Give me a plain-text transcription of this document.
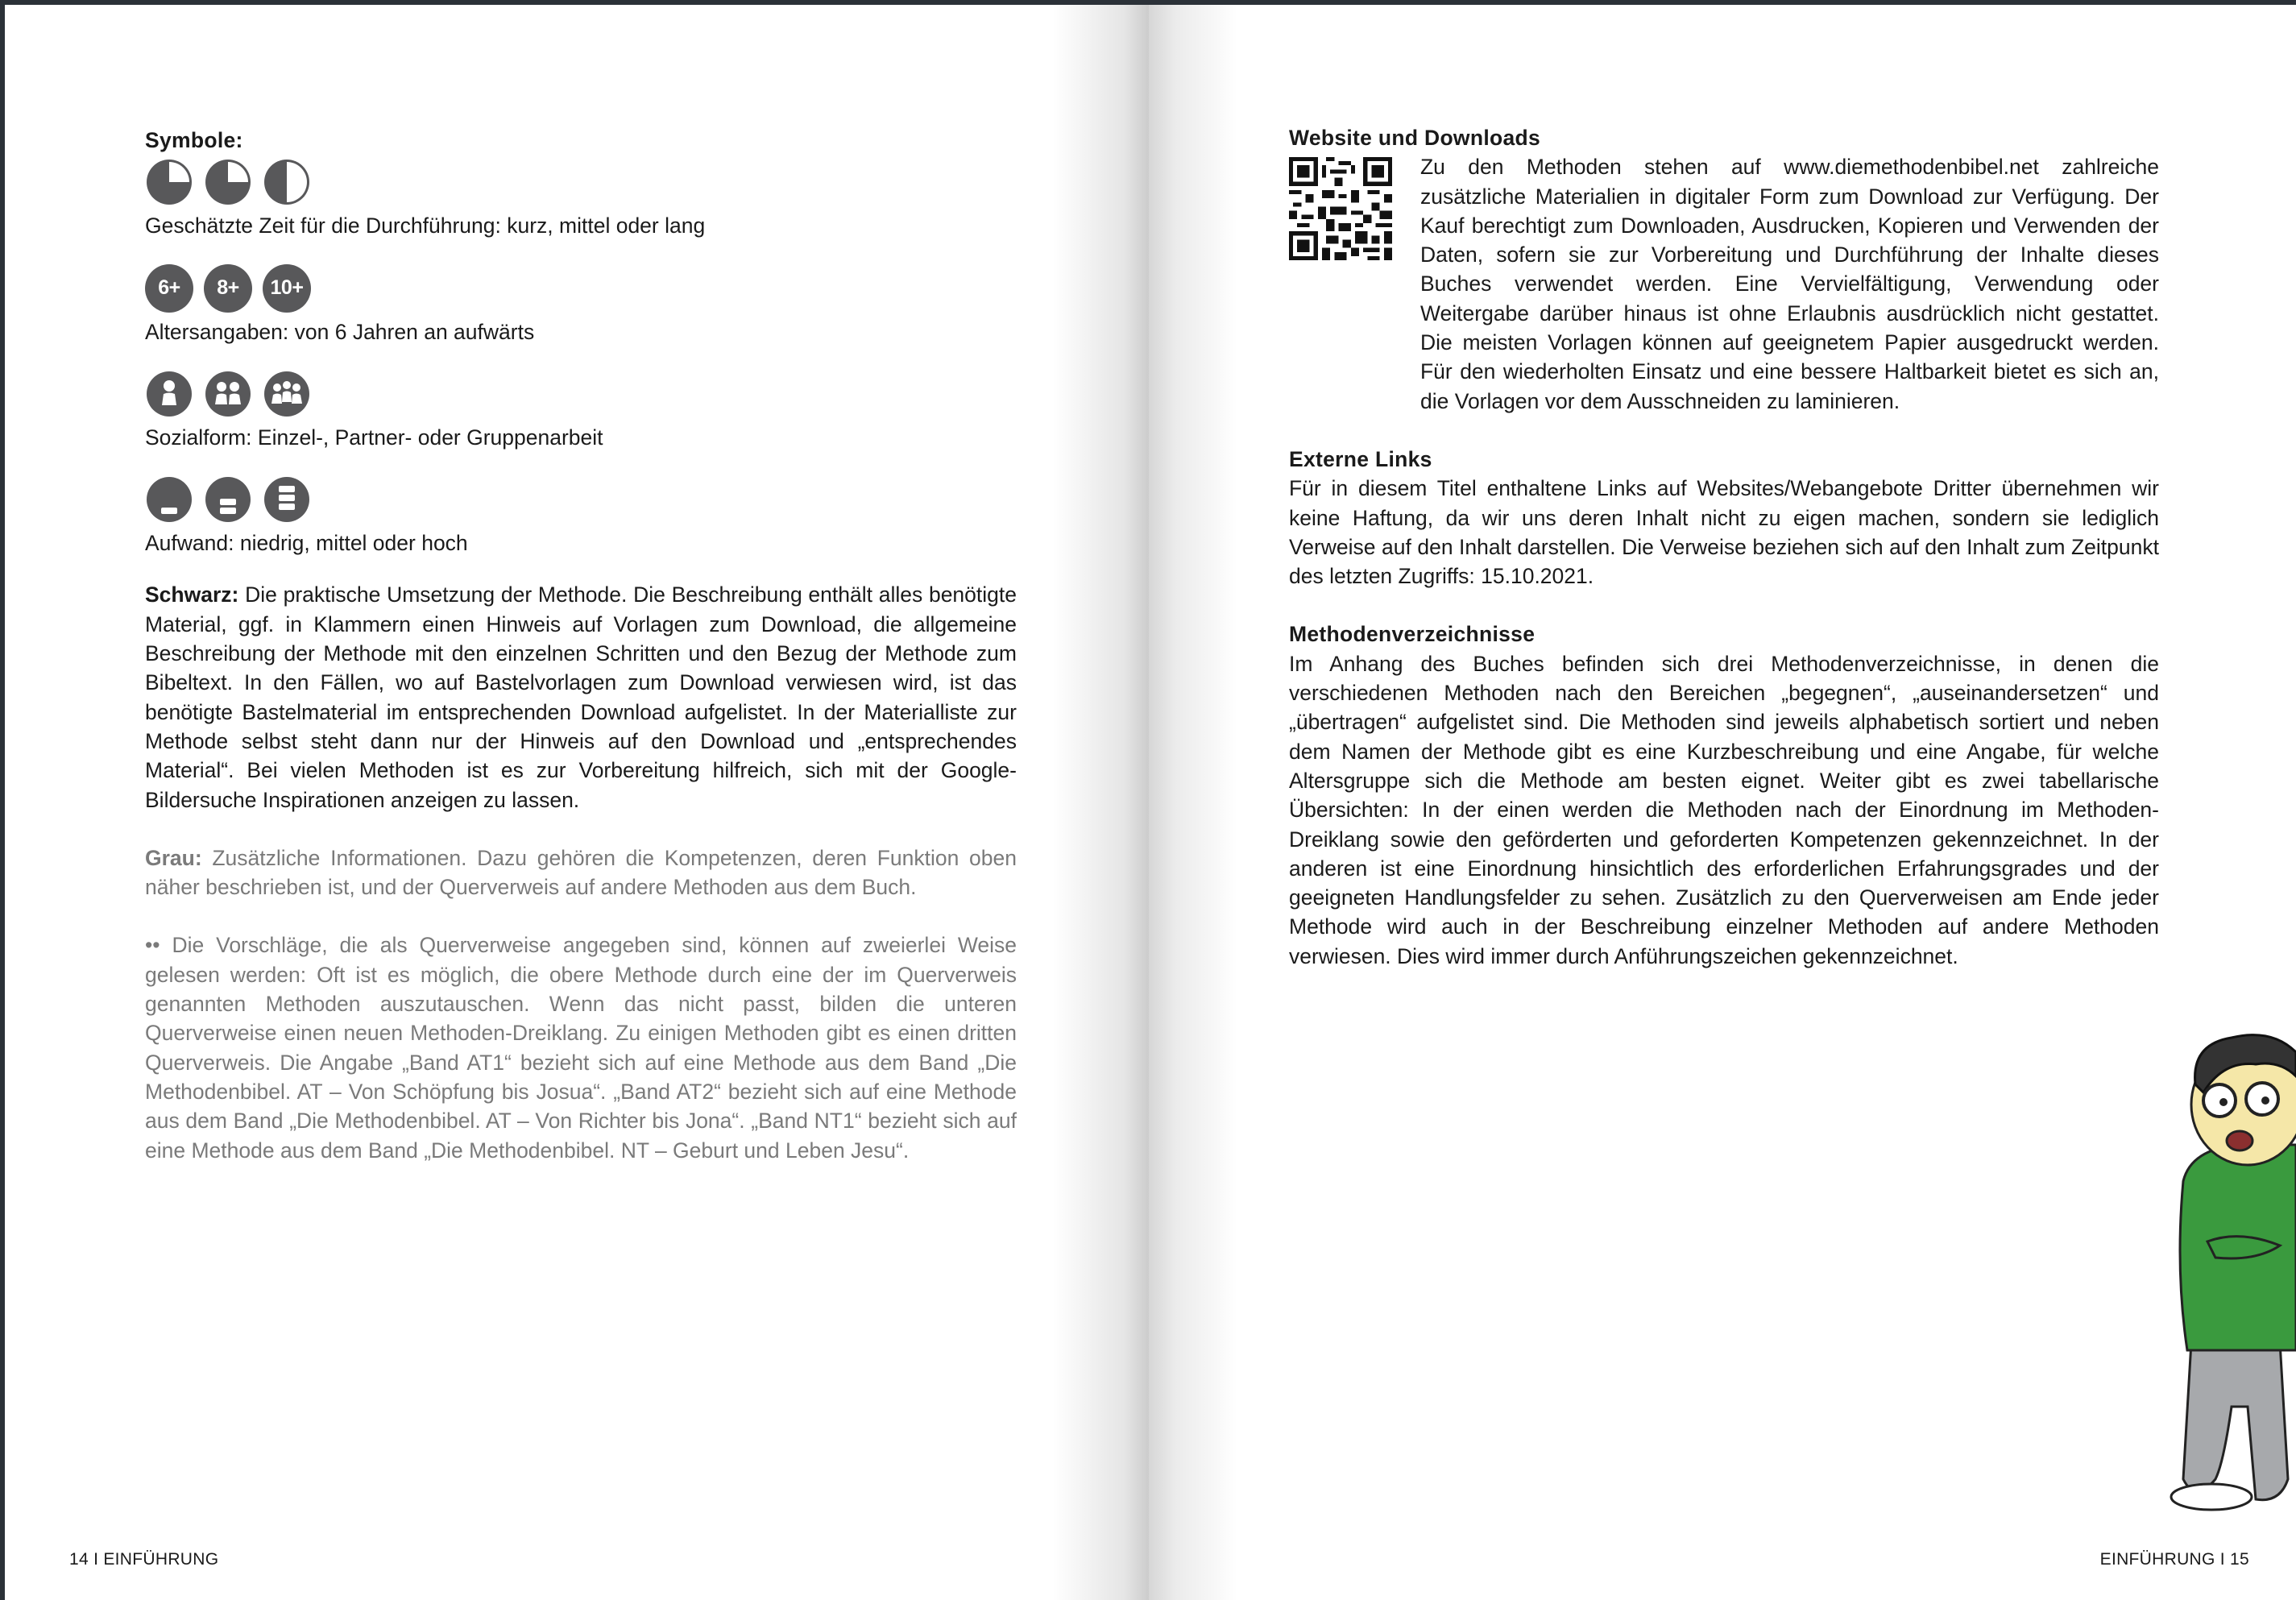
Symbole:

Geschätzte Zeit für die Durchführung: kurz, mittel oder lang

6+	8+	10+

Altersangaben: von 6 Jahren an aufwärts

Sozialform: Einzel-, Partner- oder Gruppenarbeit

Aufwand: niedrig, mittel oder hoch

Schwarz: Die praktische Umsetzung der Methode. Die Beschreibung enthält alles benötigte Material, ggf. in Klammern einen Hinweis auf Vorlagen zum Download, die allgemeine Beschreibung der Methode mit den einzelnen Schritten und den Bezug der Methode zum Bibeltext. In den Fällen, wo auf Bastelvorlagen zum Download verwiesen wird, ist das benötigte Bastelmaterial im entsprechenden Download aufgelistet. In der Materialliste zur Methode selbst steht dann nur der Hinweis auf den Download und „entsprechendes Material“. Bei vielen Methoden ist es zur Vorbereitung hilfreich, sich mit der Google-Bildersuche Inspirationen anzeigen zu lassen.

Grau: Zusätzliche Informationen. Dazu gehören die Kompetenzen, deren Funktion oben näher beschrieben ist, und der Querverweis auf andere Methoden aus dem Buch.

•• Die Vorschläge, die als Querverweise angegeben sind, können auf zweierlei Weise gelesen werden: Oft ist es möglich, die obere Methode durch eine der im Querverweis genannten Methoden auszutauschen. Wenn das nicht passt, bilden die unteren Querverweise einen neuen Methoden-Dreiklang. Zu einigen Methoden gibt es einen dritten Querverweis. Die Angabe „Band AT1“ bezieht sich auf eine Methode aus dem Band „Die Methodenbibel. AT – Von Schöpfung bis Josua“. „Band AT2“ bezieht sich auf eine Methode aus dem Band „Die Methodenbibel. AT – Von Richter bis Jona“. „Band NT1“ bezieht sich auf eine Methode aus dem Band „Die Methodenbibel. NT – Geburt und Leben Jesu“.

14 I EINFÜHRUNG
Website und Downloads

Zu den Methoden stehen auf www.diemethodenbibel.net zahlreiche zusätzliche Materialien in digitaler Form zum Download zur Verfügung. Der Kauf berechtigt zum Downloaden, Ausdrucken, Kopieren und Verwenden der Daten, sofern sie zur Vorbereitung und Durchführung der Inhalte dieses Buches verwendet werden. Eine Vervielfältigung, Verwendung oder Weitergabe darüber hinaus ist ohne Erlaubnis ausdrücklich nicht gestattet. Die meisten Vorlagen können auf geeignetem Papier ausgedruckt werden. Für den wiederholten Einsatz und eine bessere Haltbarkeit bietet es sich an, die Vorlagen vor dem Ausschneiden zu laminieren.

Externe Links

Für in diesem Titel enthaltene Links auf Websites/Webangebote Dritter übernehmen wir keine Haftung, da wir uns deren Inhalt nicht zu eigen machen, sondern sie lediglich Verweise auf den Inhalt darstellen. Die Verweise beziehen sich auf den Inhalt zum Zeitpunkt des letzten Zugriffs: 15.10.2021.

Methodenverzeichnisse

Im Anhang des Buches befinden sich drei Methodenverzeichnisse, in denen die verschiedenen Methoden nach den Bereichen „begegnen“, „auseinandersetzen“ und „übertragen“ aufgelistet sind. Die Methoden sind jeweils alphabetisch sortiert und neben dem Namen der Methode gibt es eine Kurzbeschreibung und eine Angabe, für welche Altersgruppe sich die Methode am besten eignet. Weiter gibt es zwei tabellarische Übersichten: In der einen werden die Methoden nach der Einordnung im Methoden-Dreiklang sowie den geförderten und geforderten Kompetenzen gekennzeichnet. In der anderen ist eine Einordnung hinsichtlich des erforderlichen Erfahrungsgrades und der geeigneten Handlungsfelder zu sehen. Zusätzlich zu den Querverweisen am Ende jeder Methode wird auch in der Beschreibung einzelner Methoden auf andere Methoden verwiesen. Dies wird immer durch Anführungszeichen gekennzeichnet.

EINFÜHRUNG I 15
